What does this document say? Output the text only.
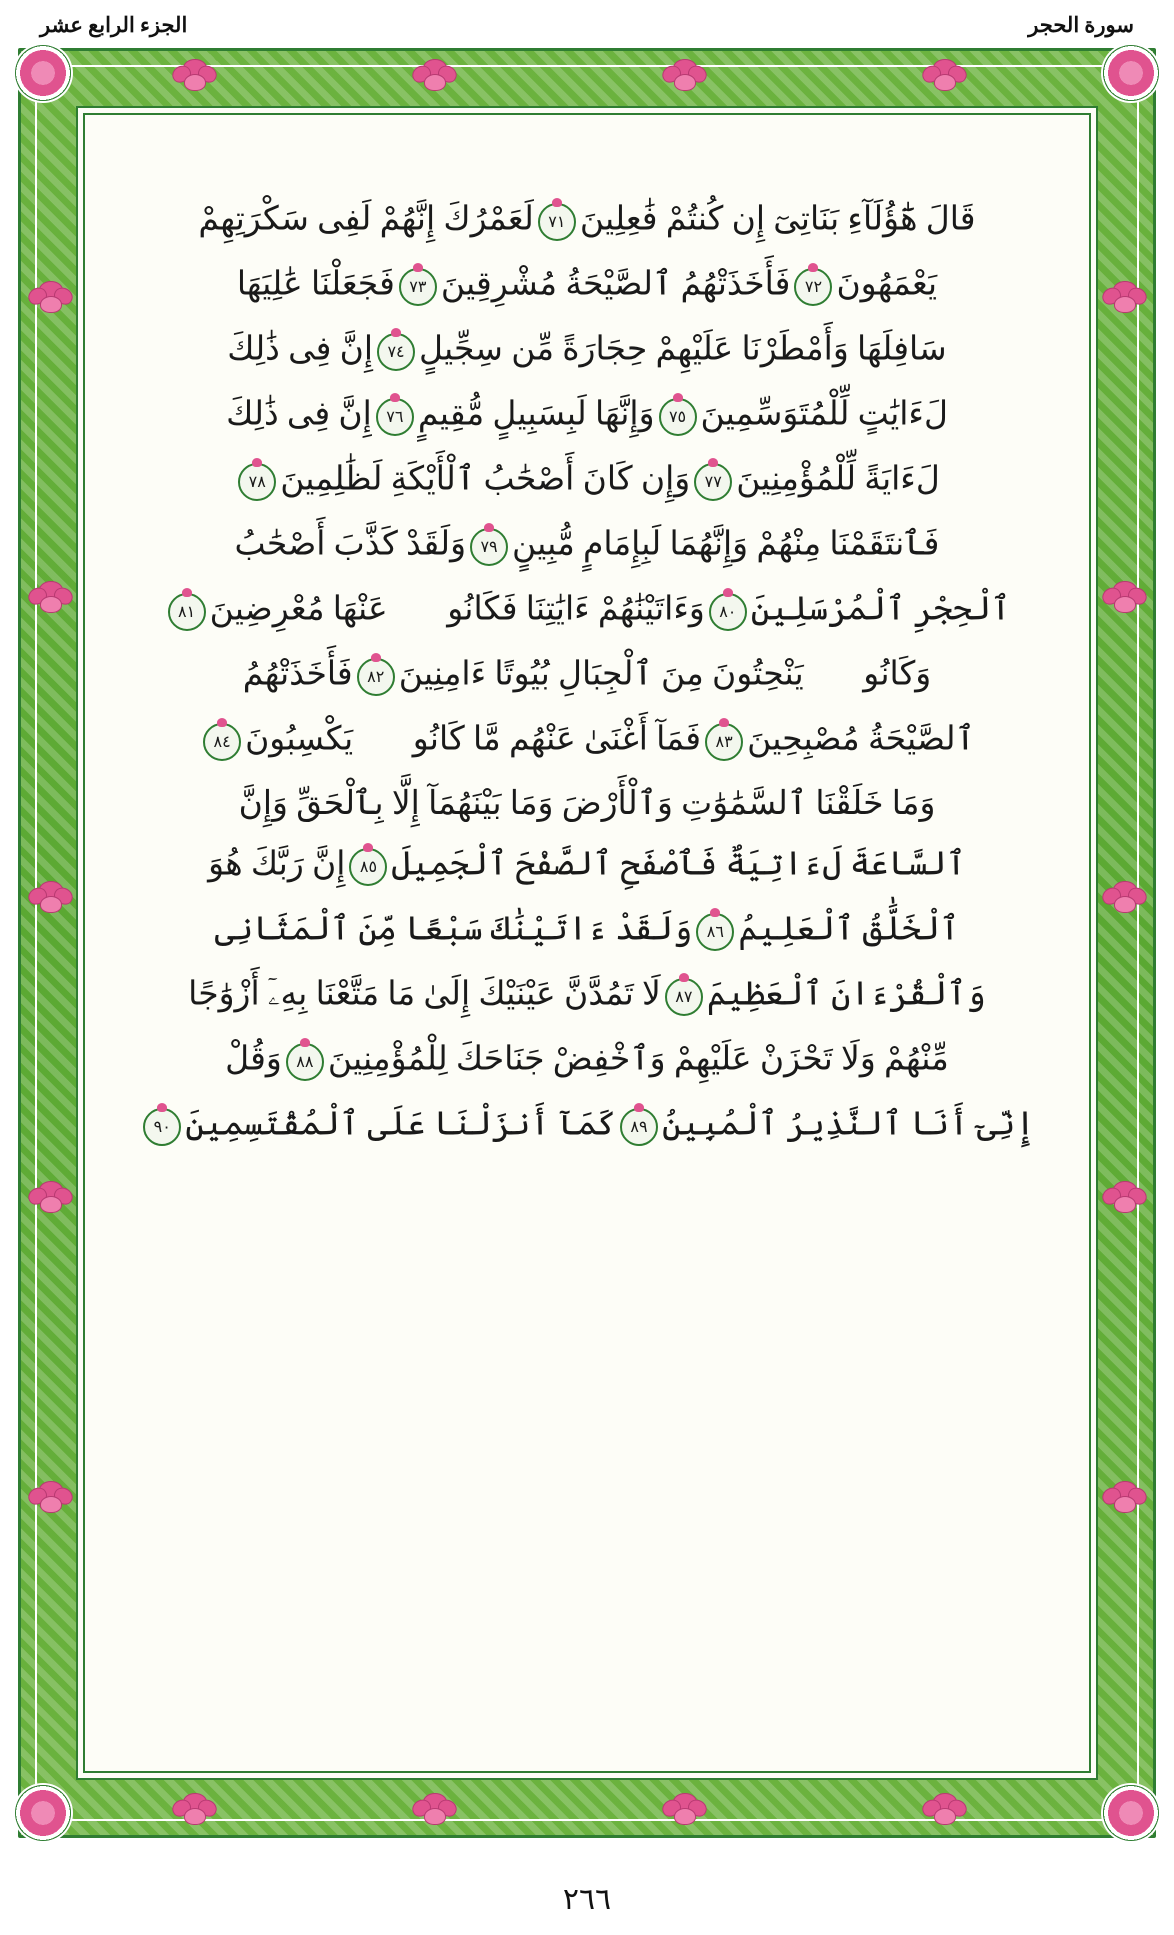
الجزء الرابع عشر	سورة الحجر
قَالَ هَٰٓؤُلَآءِ بَنَاتِىٓ إِن كُنتُمْ فَٰعِلِينَ٧١لَعَمْرُكَ إِنَّهُمْ لَفِى سَكْرَتِهِمْ
يَعْمَهُونَ٧٢فَأَخَذَتْهُمُ ٱلصَّيْحَةُ مُشْرِقِينَ٧٣فَجَعَلْنَا عَٰلِيَهَا
سَافِلَهَا وَأَمْطَرْنَا عَلَيْهِمْ حِجَارَةً مِّن سِجِّيلٍ٧٤إِنَّ فِى ذَٰلِكَ
لَءَايَٰتٍ لِّلْمُتَوَسِّمِينَ٧٥وَإِنَّهَا لَبِسَبِيلٍ مُّقِيمٍ٧٦إِنَّ فِى ذَٰلِكَ
لَءَايَةً لِّلْمُؤْمِنِينَ٧٧وَإِن كَانَ أَصْحَٰبُ ٱلْأَيْكَةِ لَظَٰلِمِينَ٧٨
فَٱنتَقَمْنَا مِنْهُمْ وَإِنَّهُمَا لَبِإِمَامٍ مُّبِينٍ٧٩وَلَقَدْ كَذَّبَ أَصْحَٰبُ
ٱلْحِجْرِ ٱلْمُرْسَلِينَ٨٠وَءَاتَيْنَٰهُمْ ءَايَٰتِنَا فَكَانُوا۟ عَنْهَا مُعْرِضِينَ٨١
وَكَانُوا۟ يَنْحِتُونَ مِنَ ٱلْجِبَالِ بُيُوتًا ءَامِنِينَ٨٢فَأَخَذَتْهُمُ
ٱلصَّيْحَةُ مُصْبِحِينَ٨٣فَمَآ أَغْنَىٰ عَنْهُم مَّا كَانُوا۟ يَكْسِبُونَ٨٤
وَمَا خَلَقْنَا ٱلسَّمَٰوَٰتِ وَٱلْأَرْضَ وَمَا بَيْنَهُمَآ إِلَّا بِٱلْحَقِّ وَإِنَّ
ٱلسَّاعَةَ لَءَاتِيَةٌ فَٱصْفَحِ ٱلصَّفْحَ ٱلْجَمِيلَ٨٥إِنَّ رَبَّكَ هُوَ
ٱلْخَلَّٰقُ ٱلْعَلِيمُ٨٦وَلَقَدْ ءَاتَيْنَٰكَ سَبْعًا مِّنَ ٱلْمَثَانِى
وَٱلْقُرْءَانَ ٱلْعَظِيمَ٨٧لَا تَمُدَّنَّ عَيْنَيْكَ إِلَىٰ مَا مَتَّعْنَا بِهِۦٓ أَزْوَٰجًا
مِّنْهُمْ وَلَا تَحْزَنْ عَلَيْهِمْ وَٱخْفِضْ جَنَاحَكَ لِلْمُؤْمِنِينَ٨٨وَقُلْ
إِنِّىٓ أَنَا ٱلنَّذِيرُ ٱلْمُبِينُ٨٩كَمَآ أَنزَلْنَا عَلَى ٱلْمُقْتَسِمِينَ٩٠
٢٦٦
